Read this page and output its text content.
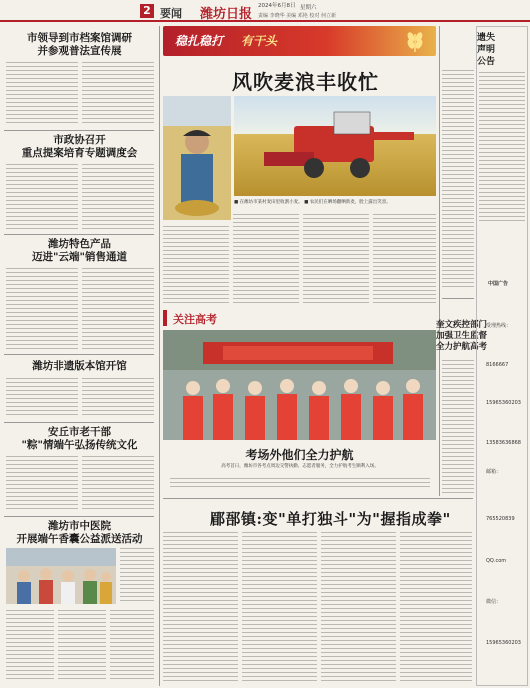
2 要闻 潍坊日报
2024年6月8日 星期六
责编 李晓华 美编 邓艳 校对 何立新
市领导到市档案馆调研
并参观普法宣传展
市政协召开
重点提案培育专题调度会
潍坊特色产品
迈进"云端"销售通道
潍坊非遗版本馆开馆
安丘市老干部
"粽"情端午弘扬传统文化
潍坊市中医院
开展端午香囊公益派送活动
稳扎稳打 有干头
风吹麦浪丰收忙
■ 在潍坊市某村麦田里收割小麦。 ■ 农民们在晒场翻晒新麦，脸上露出笑容。
关注高考
考场外他们全力护航
高考首日，潍坊市各考点周边交警执勤、志愿者服务，全力护航考生顺利入场。
郿郚镇:变"单打独斗"为"握指成拳"
奎文疾控部门
加强卫生监督
全力护航高考
遗失
声明
公告
中国广告
受理热线：
8166667
15965360203
13583636868
邮箱：
765520839
QQ.com
微信：
15965360203
